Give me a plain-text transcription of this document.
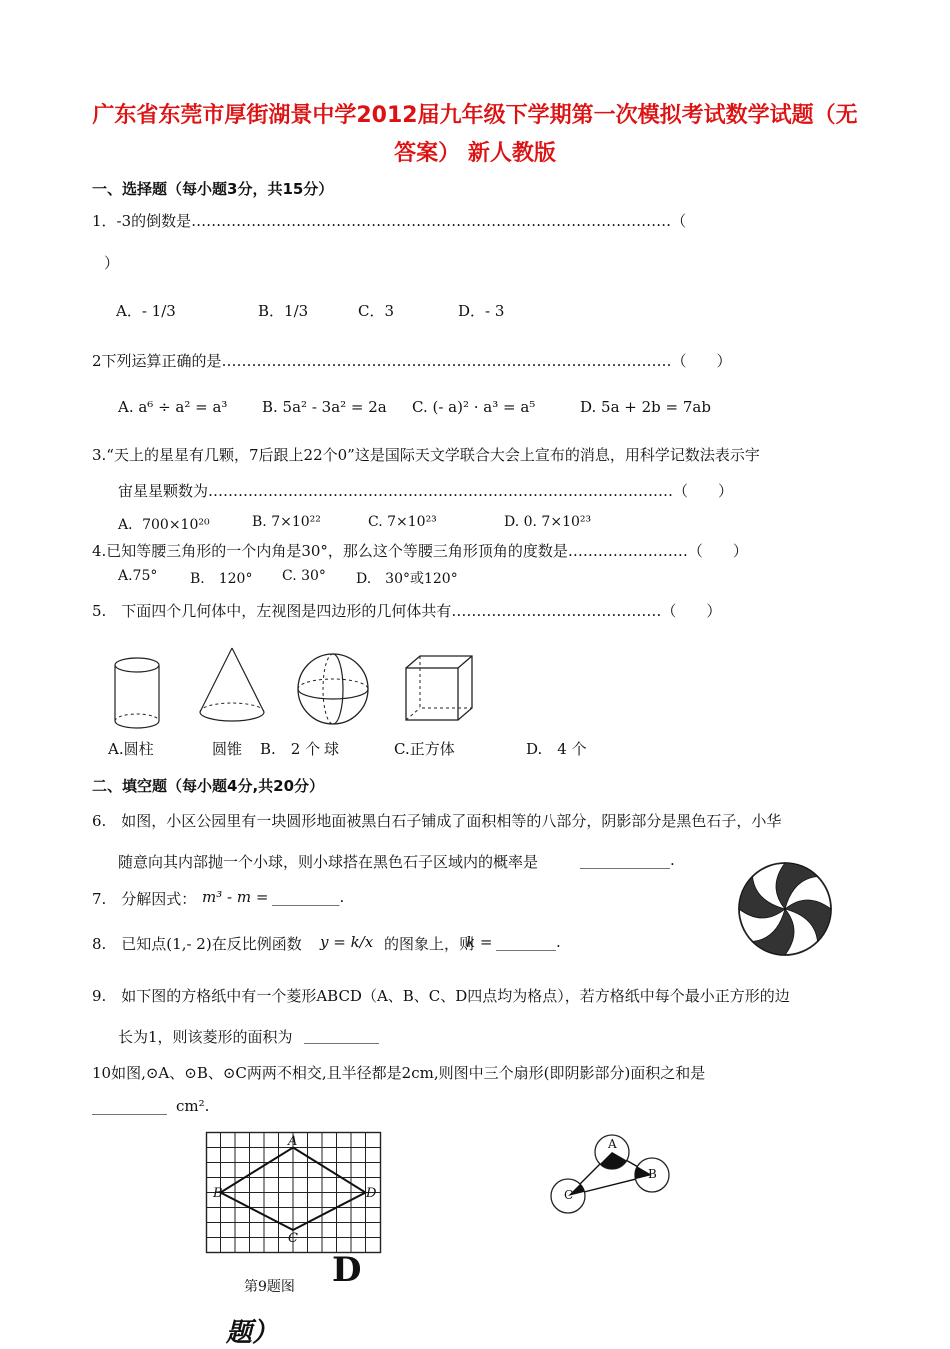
广东省东莞市厚街湖景中学2012届九年级下学期第一次模拟考试数学试题（无
答案） 新人教版
一、选择题（每小题3分，共15分）
1．-3的倒数是……………………………………………………………………………………（
）
A．- 1/3	B．1/3	C．3	D．- 3
2下列运算正确的是………………………………………………………………………………（　　）
A. a⁶ ÷ a² = a³ B. 5a² - 3a² = 2a C. (- a)² · a³ = a⁵	D. 5a + 2b = 7ab
3.“天上的星星有几颗，7后跟上22个0”这是国际天文学联合大会上宣布的消息，用科学记数法表示宇
宙星星颗数为…………………………………………………………………………………（　　）
A．700×10²⁰	B. 7×10²²	C. 7×10²³	D. 0. 7×10²³
4.已知等腰三角形的一个内角是30°，那么这个等腰三角形顶角的度数是……………………（　　）
A.75° B.　120° C. 30° D.　30°或120°
5.　下面四个几何体中，左视图是四边形的几何体共有……………………………………（　　）
A.圆柱	圆锥 B.　2 个 球	C.正方体	D.　4 个
二、填空题（每小题4分,共20分）
6.　如图，小区公园里有一块圆形地面被黑白石子铺成了面积相等的八部分，阴影部分是黑色石子，小华
随意向其内部抛一个小球，则小球搭在黑色石子区域内的概率是	____________.
7.　分解因式： m³ - m = _________.
8.　已知点(1,- 2)在反比例函数 y = k/x 的图象上，则
k = ________.
9.　如下图的方格纸中有一个菱形ABCD（A、B、C、D四点均为格点），若方格纸中每个最小正方形的边
长为1，则该菱形的面积为 __________
10如图,⊙A、⊙B、⊙C两两不相交,且半径都是2cm,则图中三个扇形(即阴影部分)面积之和是
__________ cm².
A
B
C
D
第9题图 D
A
B
C
题）
